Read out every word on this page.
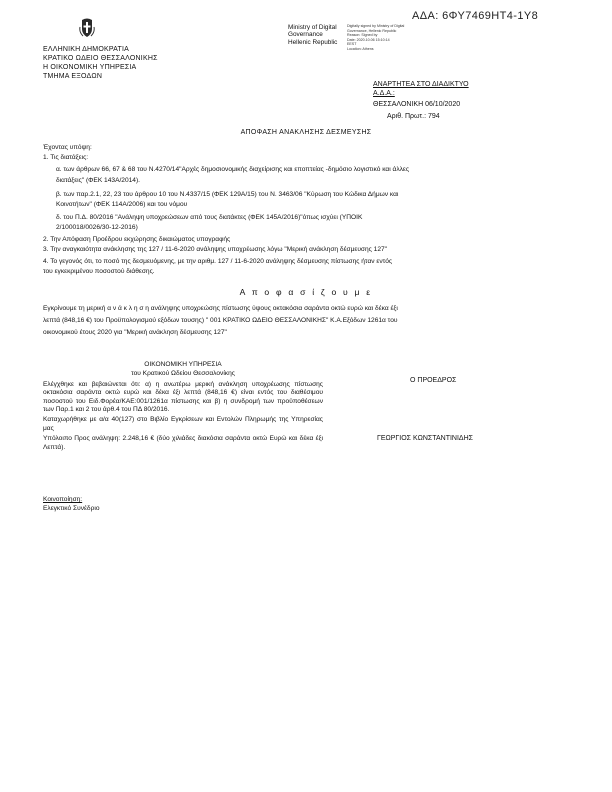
ΑΔΑ: 6ΦΥ7469ΗΤ4-1Υ8
Ministry of Digital
Governance
Hellenic Republic
Digitally signed by Ministry of Digital
Governance, Hellenic Republic
Reason: Signed by
Date: 2020.10.06 15:10:14
EEST
Location: Athens
ΕΛΛΗΝΙΚΗ ΔΗΜΟΚΡΑΤΙΑ
ΚΡΑΤΙΚΟ ΩΔΕΙΟ ΘΕΣΣΑΛΟΝΙΚΗΣ
Η ΟΙΚΟΝΟΜΙΚΗ ΥΠΗΡΕΣΙΑ
ΤΜΗΜΑ ΕΞΟΔΩΝ
ΑΝΑΡΤΗΤΕΑ ΣΤΟ ΔΙΑΔΙΚΤΥΟ
Α.Δ.Α.:
ΘΕΣΣΑΛΟΝΙΚΗ 06/10/2020
Αριθ. Πρωτ.: 794
ΑΠΟΦΑΣΗ ΑΝΑΚΛΗΣΗΣ ΔΕΣΜΕΥΣΗΣ
Έχοντας υπόψη:
1. Τις διατάξεις:
α. των άρθρων 66, 67 & 68 του Ν.4270/14"Αρχές δημοσιονομικής διαχείρισης και εποπτείας -δημόσιο λογιστικό και άλλες
διατάξεις" (ΦΕΚ 143Α/2014).
β. των παρ.2.1, 22, 23 του άρθρου 10 του Ν.4337/15 (ΦΕΚ 129Α/15) του Ν. 3463/06 "Κύρωση του Κώδικα Δήμων και
Κοινοτήτων" (ΦΕΚ 114Α/2006) και του νόμου
δ. του Π.Δ. 80/2016 "Ανάληψη υποχρεώσεων από τους διατάκτες (ΦΕΚ 145Α/2016)"όπως ισχύει (ΥΠΟΙΚ
2/100018/0026/30-12-2016)
2. Την Απόφαση Προέδρου εκχώρησης δικαιώματος υπογραφής
3. Την αναγκαιότητα ανάκλησης της 127 / 11-6-2020 ανάληψης υποχρέωσης λόγω "Μερική ανάκληση δέσμευσης 127"
4. Το γεγονός ότι, το ποσό της δεσμευόμενης, με την αριθμ. 127 / 11-6-2020 ανάληψης δέσμευσης πίστωσης ήταν εντός
του εγκεκριμένου ποσοστού διάθεσης.
Α π ο φ α σ ί ζ ο υ μ ε
Εγκρίνουμε τη μερική α ν ά κ λ η σ η ανάληψης υποχρεώσης πίστωσης ύψους οκτακόσια σαράντα οκτώ ευρώ και δέκα έξι
λεπτά (848,16 €) του Προϋπολογισμού εξόδων τουσης) " 001 ΚΡΑΤΙΚΟ ΩΔΕΙΟ ΘΕΣΣΑΛΟΝΙΚΗΣ" Κ.Α.Εξόδων 1261α του
οικονομικού έτους 2020 για "Μερική ανάκληση δέσμευσης 127"
ΟΙΚΟΝΟΜΙΚΗ ΥΠΗΡΕΣΙΑ
του Κρατικού Ωδείου Θεσσαλονίκης

Ελέγχθηκε και βεβαιώνεται ότι: α) η ανωτέρω μερική ανάκληση υποχρέωσης πίστωσης οκτακόσια σαράντα οκτώ ευρώ και δέκα έξι λεπτά (848,16 €) είναι εντός του διαθέσιμου ποσοστού του Ειδ.Φορέα/ΚΑΕ:001/1261α πίστωσης και β) η συνδρομή των προϋποθέσεων των Παρ.1 και 2 του άρθ.4 του ΠΔ 80/2016.

Καταχωρήθηκε με α/α 40(127) στο Βιβλίο Εγκρίσεων και Εντολών Πληρωμής της Υπηρεσίας μας

Υπόλοιπο Προς ανάληψη: 2.248,16 € (δύο χιλιάδες διακόσια σαράντα οκτώ Ευρώ και δέκα έξι Λεπτά).

Ο ΠΡΟΕΔΡΟΣ
ΓΕΩΡΓΙΟΣ ΚΩΝΣΤΑΝΤΙΝΙΔΗΣ
Κοινοποίηση:
Ελεγκτικό Συνέδριο
